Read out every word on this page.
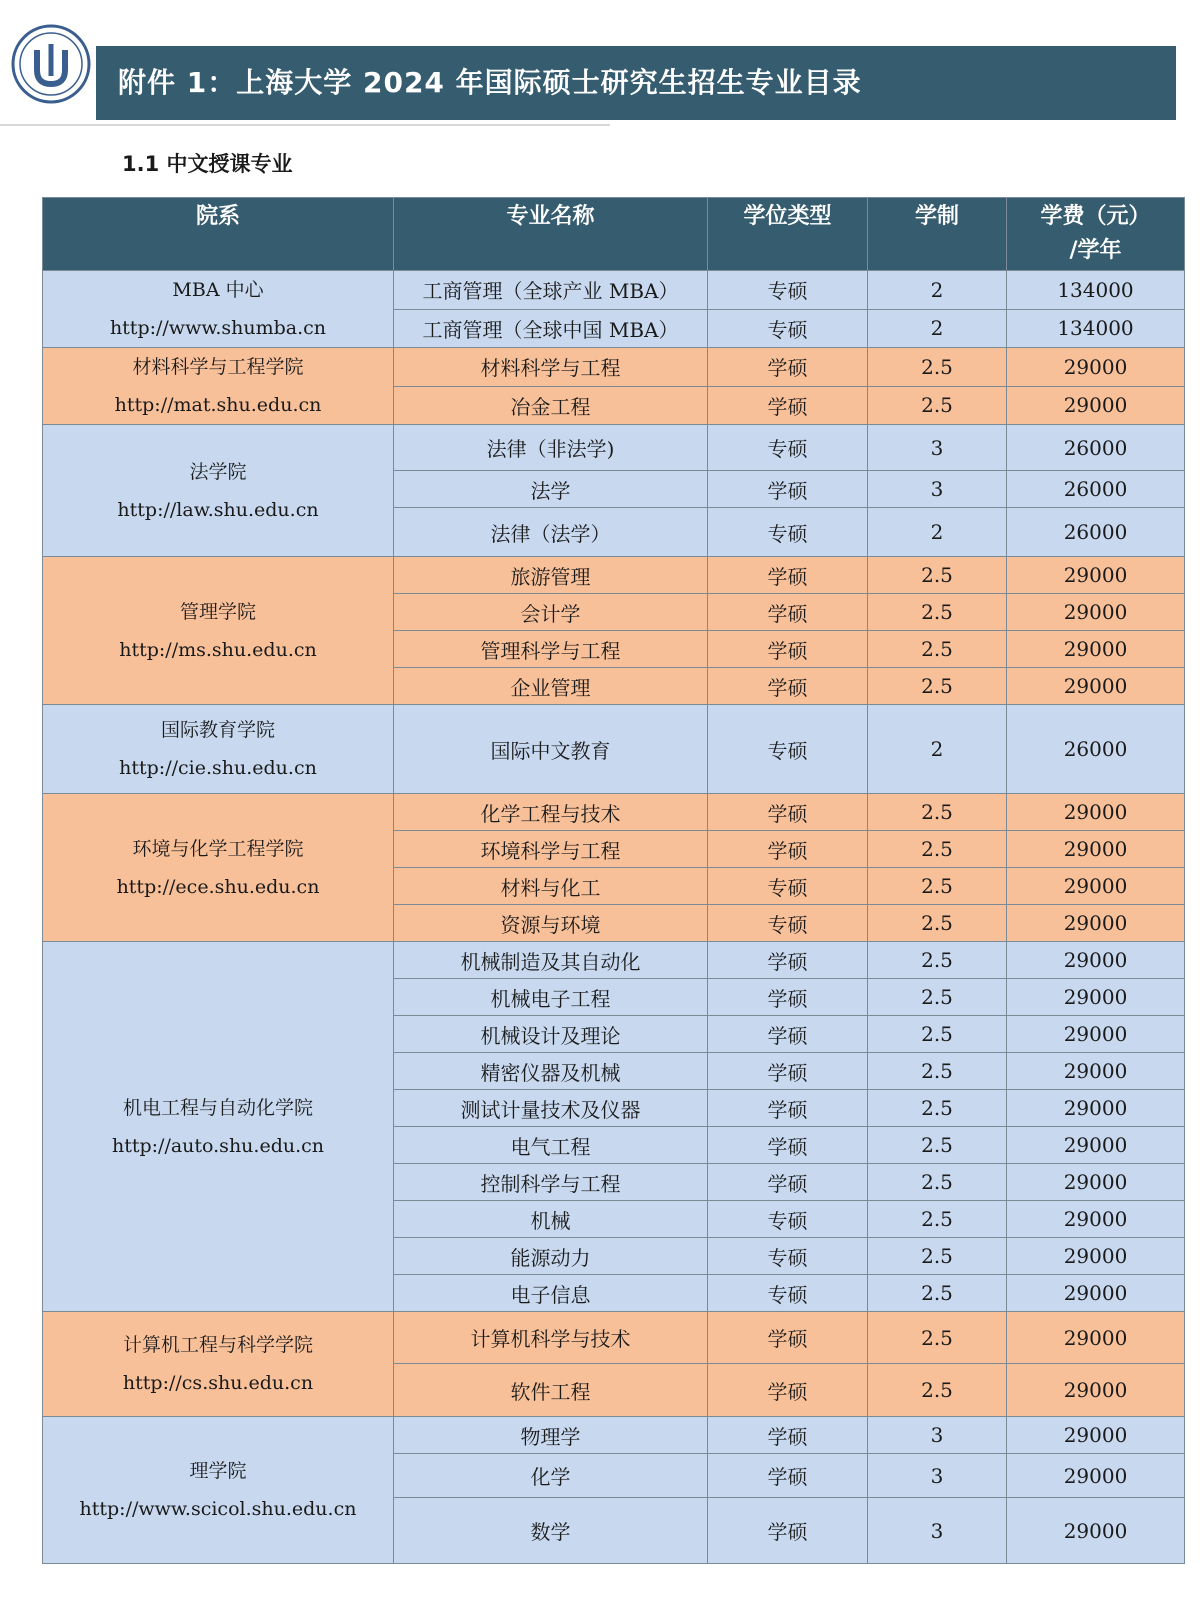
附件 1：上海大学 2024 年国际硕士研究生招生专业目录
1.1 中文授课专业
院系	专业名称	学位类型	学制	学费（元）
/学年

MBA 中心
http://www.shumba.cn	工商管理（全球产业 MBA）	专硕	2	134000
	工商管理（全球中国 MBA）	专硕	2	134000

材料科学与工程学院
http://mat.shu.edu.cn	材料科学与工程	学硕	2.5	29000
	冶金工程	学硕	2.5	29000

法学院
http://law.shu.edu.cn	法律（非法学)	专硕	3	26000
	法学	学硕	3	26000
	法律（法学）	专硕	2	26000

管理学院
http://ms.shu.edu.cn	旅游管理	学硕	2.5	29000
	会计学	学硕	2.5	29000
	管理科学与工程	学硕	2.5	29000
	企业管理	学硕	2.5	29000

国际教育学院
http://cie.shu.edu.cn	国际中文教育	专硕	2	26000

环境与化学工程学院
http://ece.shu.edu.cn	化学工程与技术	学硕	2.5	29000
	环境科学与工程	学硕	2.5	29000
	材料与化工	专硕	2.5	29000
	资源与环境	专硕	2.5	29000

机电工程与自动化学院
http://auto.shu.edu.cn	机械制造及其自动化	学硕	2.5	29000
	机械电子工程	学硕	2.5	29000
	机械设计及理论	学硕	2.5	29000
	精密仪器及机械	学硕	2.5	29000
	测试计量技术及仪器	学硕	2.5	29000
	电气工程	学硕	2.5	29000
	控制科学与工程	学硕	2.5	29000
	机械	专硕	2.5	29000
	能源动力	专硕	2.5	29000
	电子信息	专硕	2.5	29000

计算机工程与科学学院
http://cs.shu.edu.cn	计算机科学与技术	学硕	2.5	29000
	软件工程	学硕	2.5	29000

理学院
http://www.scicol.shu.edu.cn	物理学	学硕	3	29000
	化学	学硕	3	29000
	数学	学硕	3	29000
